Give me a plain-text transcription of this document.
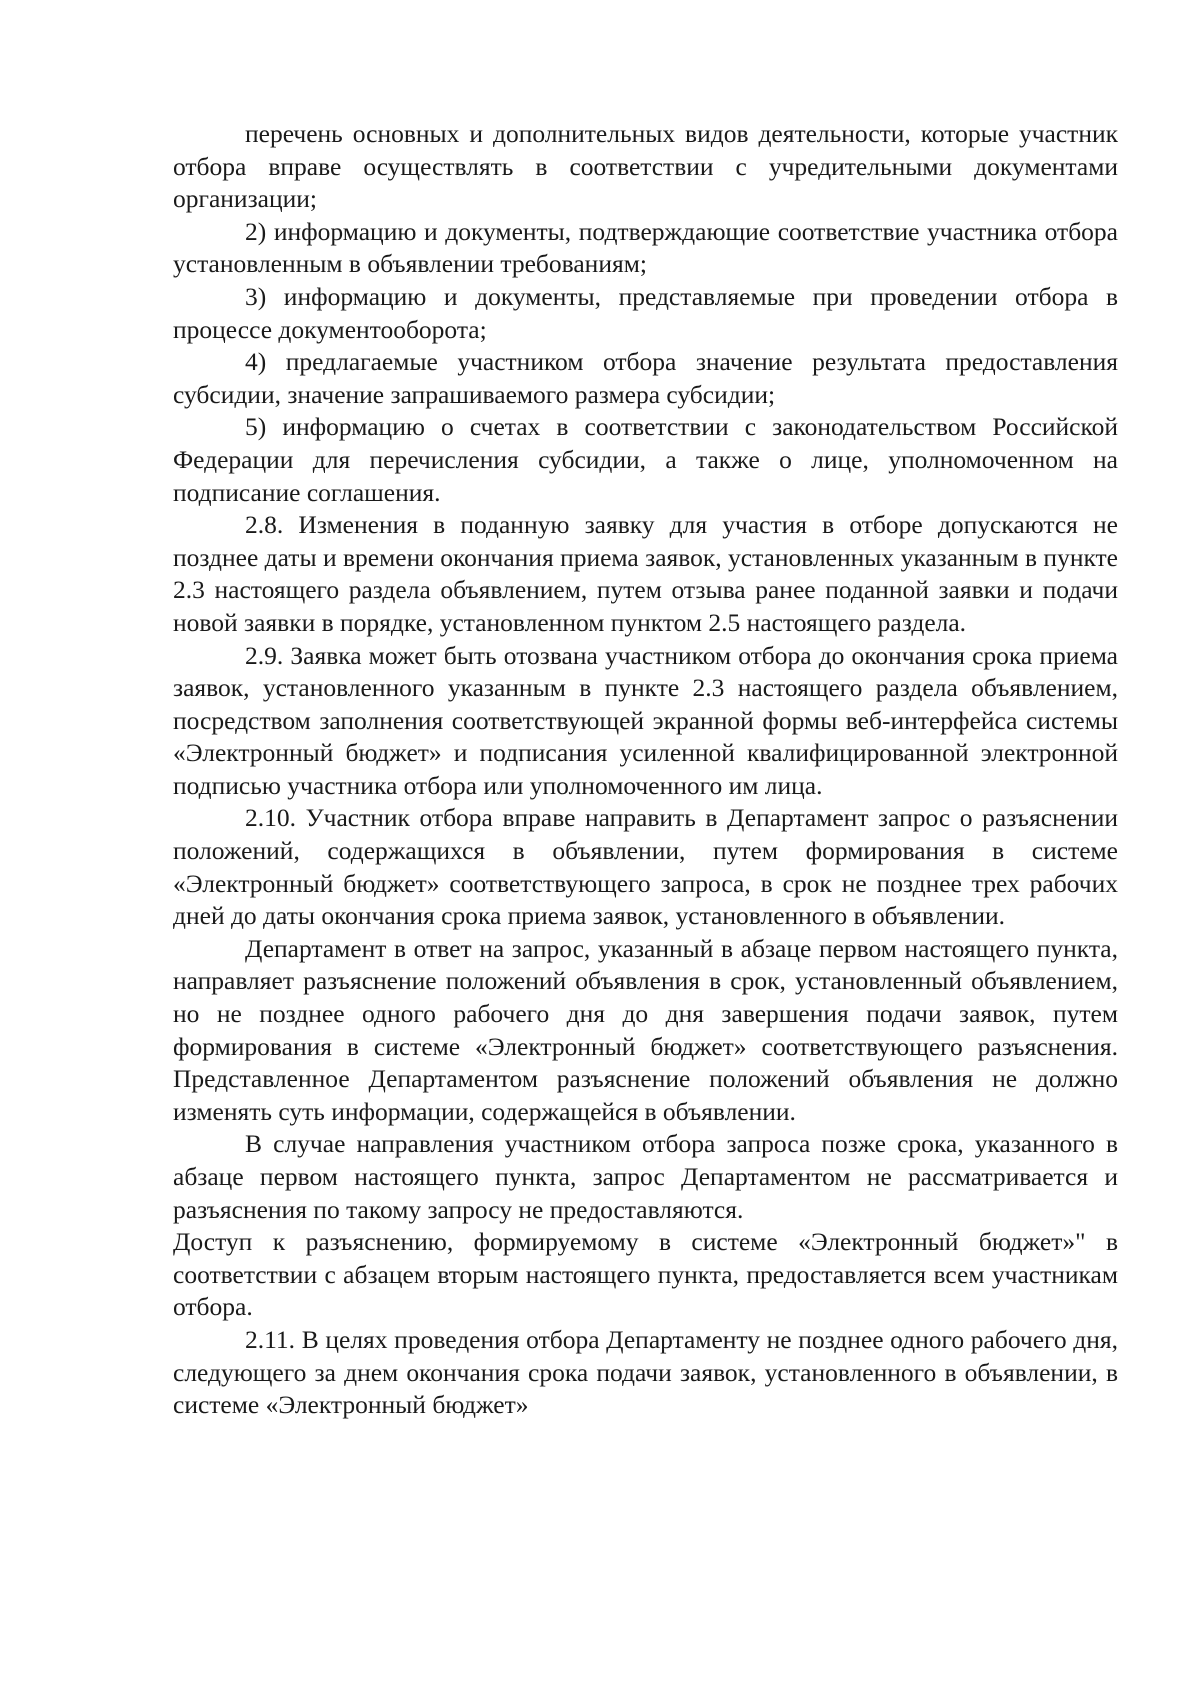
перечень основных и дополнительных видов деятельности, которые участник отбора вправе осуществлять в соответствии с учредительными документами организации;

2) информацию и документы, подтверждающие соответствие участника отбора установленным в объявлении требованиям;

3) информацию и документы, представляемые при проведении отбора в процессе документооборота;

4) предлагаемые участником отбора значение результата предоставления субсидии, значение запрашиваемого размера субсидии;

5) информацию о счетах в соответствии с законодательством Российской Федерации для перечисления субсидии, а также о лице, уполномоченном на подписание соглашения.

2.8. Изменения в поданную заявку для участия в отборе допускаются не позднее даты и времени окончания приема заявок, установленных указанным в пункте 2.3 настоящего раздела объявлением, путем отзыва ранее поданной заявки и подачи новой заявки в порядке, установленном пунктом 2.5 настоящего раздела.

2.9. Заявка может быть отозвана участником отбора до окончания срока приема заявок, установленного указанным в пункте 2.3 настоящего раздела объявлением, посредством заполнения соответствующей экранной формы веб-интерфейса системы «Электронный бюджет» и подписания усиленной квалифицированной электронной подписью участника отбора или уполномоченного им лица.

2.10. Участник отбора вправе направить в Департамент запрос о разъяснении положений, содержащихся в объявлении, путем формирования в системе «Электронный бюджет» соответствующего запроса, в срок не позднее трех рабочих дней до даты окончания срока приема заявок, установленного в объявлении.

Департамент в ответ на запрос, указанный в абзаце первом настоящего пункта, направляет разъяснение положений объявления в срок, установленный объявлением, но не позднее одного рабочего дня до дня завершения подачи заявок, путем формирования в системе «Электронный бюджет» соответствующего разъяснения. Представленное Департаментом разъяснение положений объявления не должно изменять суть информации, содержащейся в объявлении.

В случае направления участником отбора запроса позже срока, указанного в абзаце первом настоящего пункта, запрос Департаментом не рассматривается и разъяснения по такому запросу не предоставляются.

Доступ к разъяснению, формируемому в системе «Электронный бюджет»" в соответствии с абзацем вторым настоящего пункта, предоставляется всем участникам отбора.

2.11. В целях проведения отбора Департаменту не позднее одного рабочего дня, следующего за днем окончания срока подачи заявок, установленного в объявлении, в системе «Электронный бюджет»
